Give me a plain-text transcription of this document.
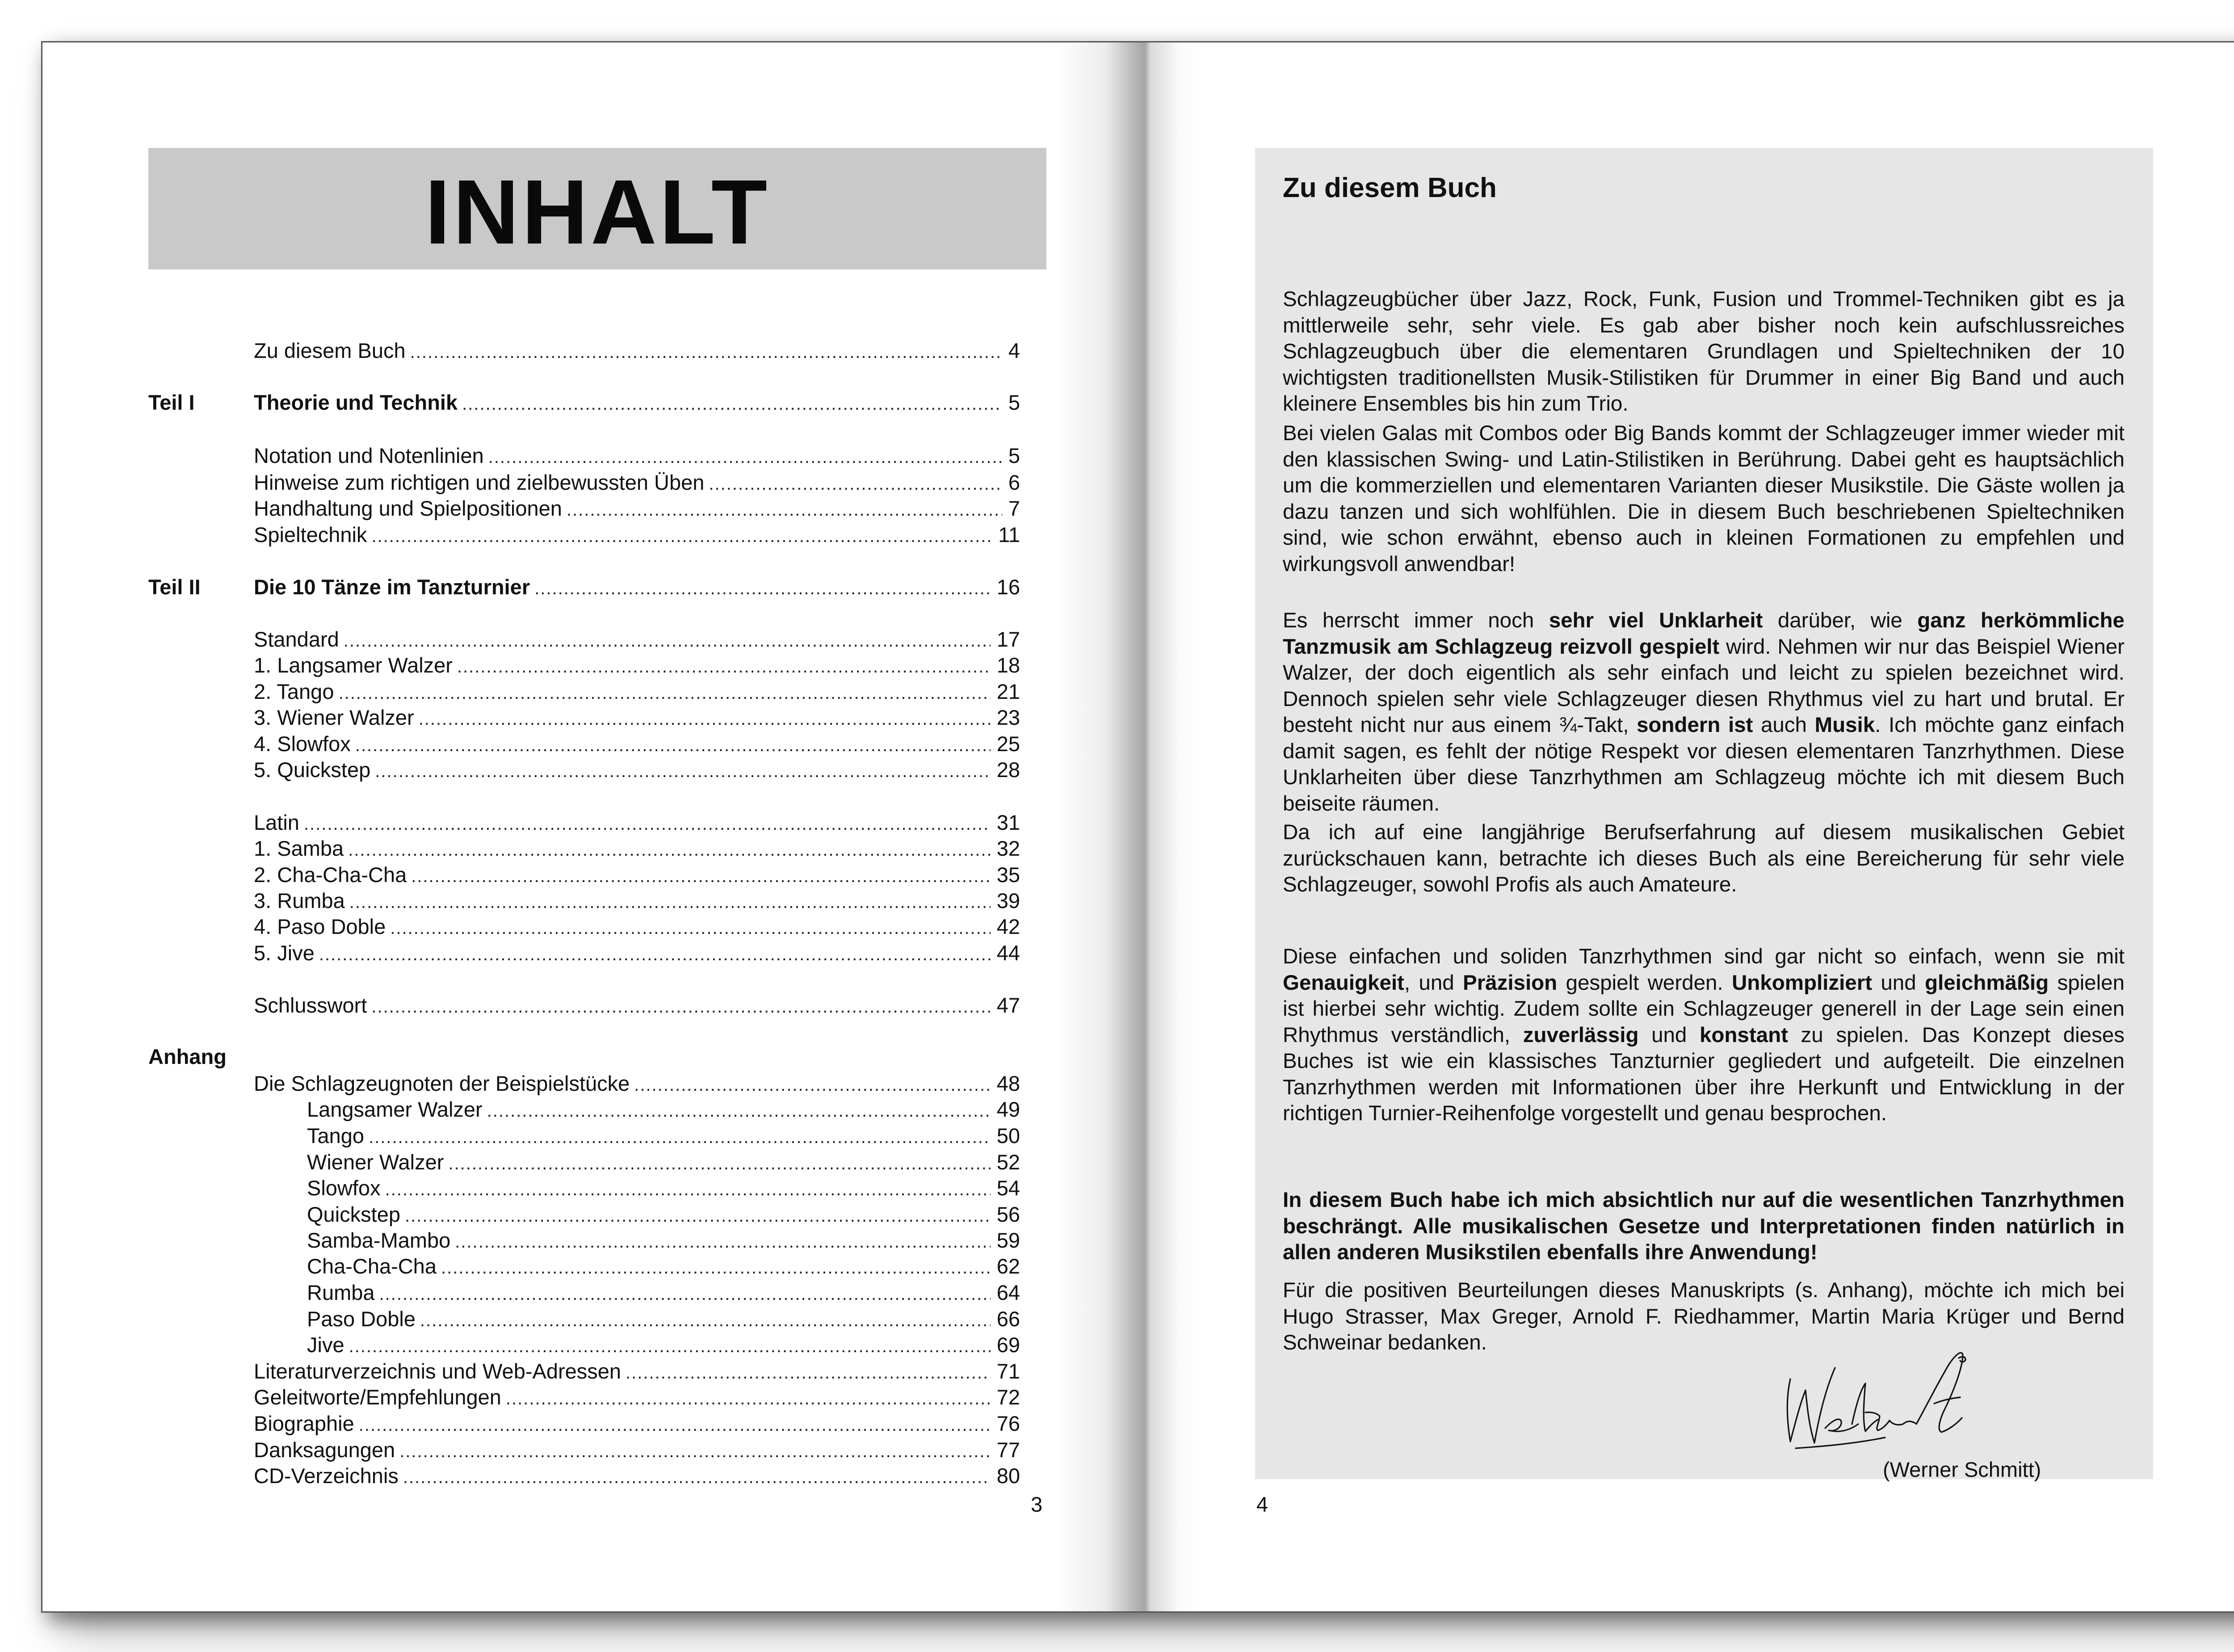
INHALT
Zu diesem Buch .....	4
Teil I	Theorie und Technik .....	5
Notation und Notenlinien .....	5
Hinweise zum richtigen und zielbewussten Üben .....	6
Handhaltung und Spielpositionen .....	7
Spieltechnik .....	11
Teil II	Die 10 Tänze im Tanzturnier .....	16
Standard .....	17
1. Langsamer Walzer .....	18
2. Tango .....	21
3. Wiener Walzer .....	23
4. Slowfox .....	25
5. Quickstep .....	28
Latin .....	31
1. Samba .....	32
2. Cha-Cha-Cha .....	35
3. Rumba .....	39
4. Paso Doble .....	42
5. Jive .....	44
Schlusswort .....	47
Anhang
Die Schlagzeugnoten der Beispielstücke .....	48
Langsamer Walzer .....	49
Tango .....	50
Wiener Walzer .....	52
Slowfox .....	54
Quickstep .....	56
Samba-Mambo .....	59
Cha-Cha-Cha .....	62
Rumba .....	64
Paso Doble .....	66
Jive .....	69
Literaturverzeichnis und Web-Adressen .....	71
Geleitworte/Empfehlungen .....	72
Biographie .....	76
Danksagungen .....	77
CD-Verzeichnis .....	80
3
Zu diesem Buch

Schlagzeugbücher über Jazz, Rock, Funk, Fusion und Trommel-Techniken gibt es ja mittlerweile sehr, sehr viele. Es gab aber bisher noch kein aufschlussreiches Schlagzeugbuch über die elementaren Grundlagen und Spieltechniken der 10 wichtigsten traditionellsten Musik-Stilistiken für Drummer in einer Big Band und auch kleinere Ensembles bis hin zum Trio.

Bei vielen Galas mit Combos oder Big Bands kommt der Schlagzeuger immer wieder mit den klassischen Swing- und Latin-Stilistiken in Berührung. Dabei geht es hauptsächlich um die kommerziellen und elementaren Varianten dieser Musikstile. Die Gäste wollen ja dazu tanzen und sich wohlfühlen. Die in diesem Buch beschriebenen Spieltechniken sind, wie schon erwähnt, ebenso auch in kleinen Formationen zu empfehlen und wirkungsvoll anwendbar!

Es herrscht immer noch sehr viel Unklarheit darüber, wie ganz herkömmliche Tanzmusik am Schlagzeug reizvoll gespielt wird. Nehmen wir nur das Beispiel Wiener Walzer, der doch eigentlich als sehr einfach und leicht zu spielen bezeichnet wird. Dennoch spielen sehr viele Schlagzeuger diesen Rhythmus viel zu hart und brutal. Er besteht nicht nur aus einem ¾-Takt, sondern ist auch Musik. Ich möchte ganz einfach damit sagen, es fehlt der nötige Respekt vor diesen elementaren Tanzrhythmen. Diese Unklarheiten über diese Tanzrhythmen am Schlagzeug möchte ich mit diesem Buch beiseite räumen.

Da ich auf eine langjährige Berufserfahrung auf diesem musikalischen Gebiet zurückschauen kann, betrachte ich dieses Buch als eine Bereicherung für sehr viele Schlagzeuger, sowohl Profis als auch Amateure.

Diese einfachen und soliden Tanzrhythmen sind gar nicht so einfach, wenn sie mit Genauigkeit, und Präzision gespielt werden. Unkompliziert und gleichmäßig spielen ist hierbei sehr wichtig. Zudem sollte ein Schlagzeuger generell in der Lage sein einen Rhythmus verständlich, zuverlässig und konstant zu spielen. Das Konzept dieses Buches ist wie ein klassisches Tanzturnier gegliedert und aufgeteilt. Die einzelnen Tanzrhythmen werden mit Informationen über ihre Herkunft und Entwicklung in der richtigen Turnier-Reihenfolge vorgestellt und genau besprochen.

In diesem Buch habe ich mich absichtlich nur auf die wesentlichen Tanzrhythmen beschrängt. Alle musikalischen Gesetze und Interpretationen finden natürlich in allen anderen Musikstilen ebenfalls ihre Anwendung!

Für die positiven Beurteilungen dieses Manuskripts (s. Anhang), möchte ich mich bei Hugo Strasser, Max Greger, Arnold F. Riedhammer, Martin Maria Krüger und Bernd Schweinar bedanken.

(Werner Schmitt)
4
